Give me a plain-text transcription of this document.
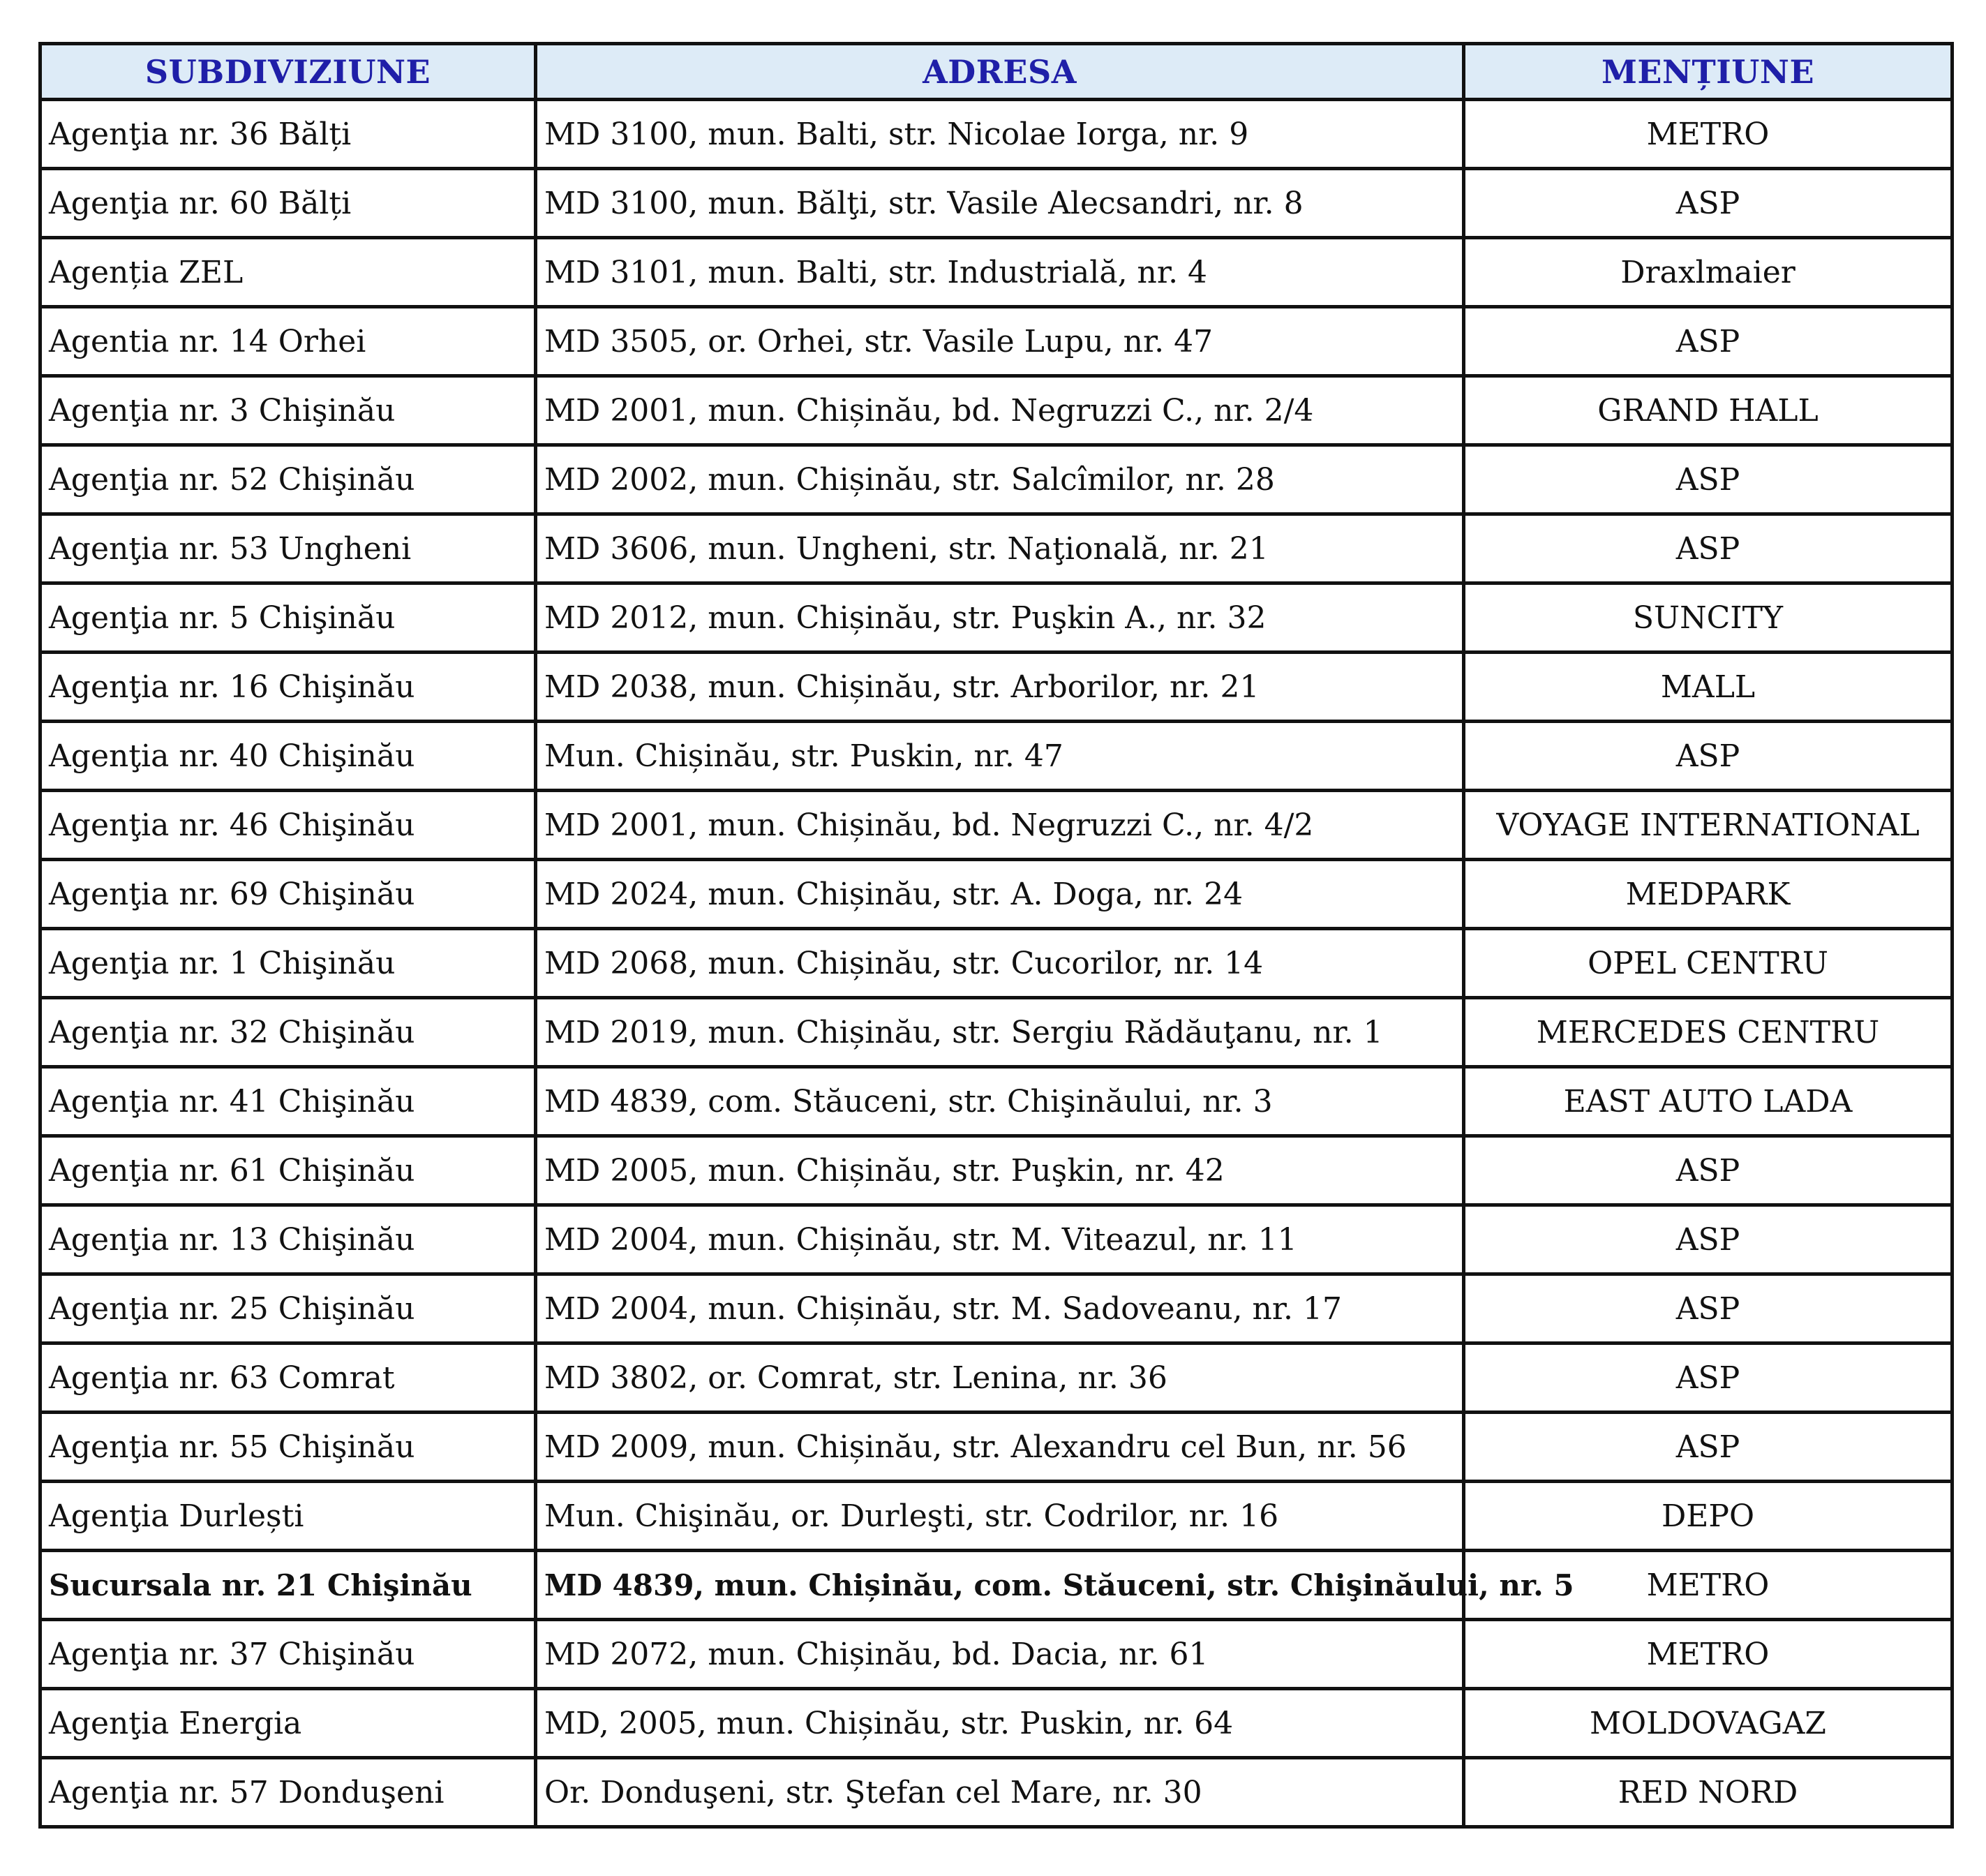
SUBDIVIZIUNE	ADRESA	MENȚIUNE
Agenţia nr. 36 Bălți	MD 3100, mun. Balti, str. Nicolae Iorga, nr. 9	METRO
Agenţia nr. 60 Bălți	MD 3100, mun. Bălţi, str. Vasile Alecsandri, nr. 8	ASP
Agenția ZEL	MD 3101, mun. Balti, str. Industrială, nr. 4	Draxlmaier
Agentia nr. 14 Orhei	MD 3505, or. Orhei, str. Vasile Lupu, nr. 47	ASP
Agenţia nr. 3 Chişinău	MD 2001, mun. Chișinău, bd. Negruzzi C., nr. 2/4	GRAND HALL
Agenţia nr. 52 Chişinău	MD 2002, mun. Chișinău, str. Salcîmilor, nr. 28	ASP
Agenţia nr. 53 Ungheni	MD 3606, mun. Ungheni, str. Naţională, nr. 21	ASP
Agenţia nr. 5 Chişinău	MD 2012, mun. Chișinău, str. Puşkin A., nr. 32	SUNCITY
Agenţia nr. 16 Chişinău	MD 2038, mun. Chișinău, str. Arborilor, nr. 21	MALL
Agenţia nr. 40 Chişinău	Mun. Chișinău, str. Puskin, nr. 47	ASP
Agenţia nr. 46 Chişinău	MD 2001, mun. Chișinău, bd. Negruzzi C., nr. 4/2	VOYAGE INTERNATIONAL
Agenţia nr. 69 Chişinău	MD 2024, mun. Chișinău, str. A. Doga, nr. 24	MEDPARK
Agenţia nr. 1 Chişinău	MD 2068, mun. Chișinău, str. Cucorilor, nr. 14	OPEL CENTRU
Agenţia nr. 32 Chişinău	MD 2019, mun. Chișinău, str. Sergiu Rădăuţanu, nr. 1	MERCEDES CENTRU
Agenţia nr. 41 Chişinău	MD 4839, com. Stăuceni, str. Chişinăului, nr. 3	EAST AUTO LADA
Agenţia nr. 61 Chişinău	MD 2005, mun. Chișinău, str. Puşkin, nr. 42	ASP
Agenţia nr. 13 Chişinău	MD 2004, mun. Chișinău, str. M. Viteazul, nr. 11	ASP
Agenţia nr. 25 Chişinău	MD 2004, mun. Chișinău, str. M. Sadoveanu, nr. 17	ASP
Agenţia nr. 63 Comrat	MD 3802, or. Comrat, str. Lenina, nr. 36	ASP
Agenţia nr. 55 Chişinău	MD 2009, mun. Chișinău, str. Alexandru cel Bun, nr. 56	ASP
Agenţia Durlești	Mun. Chişinău, or. Durleşti, str. Codrilor, nr. 16	DEPO
Sucursala nr. 21 Chişinău	MD 4839, mun. Chișinău, com. Stăuceni, str. Chişinăului, nr. 5	METRO
Agenţia nr. 37 Chişinău	MD 2072, mun. Chișinău, bd. Dacia, nr. 61	METRO
Agenţia Energia	MD, 2005, mun. Chișinău, str. Puskin, nr. 64	MOLDOVAGAZ
Agenţia nr. 57 Donduşeni	Or. Donduşeni, str. Ştefan cel Mare, nr. 30	RED NORD
